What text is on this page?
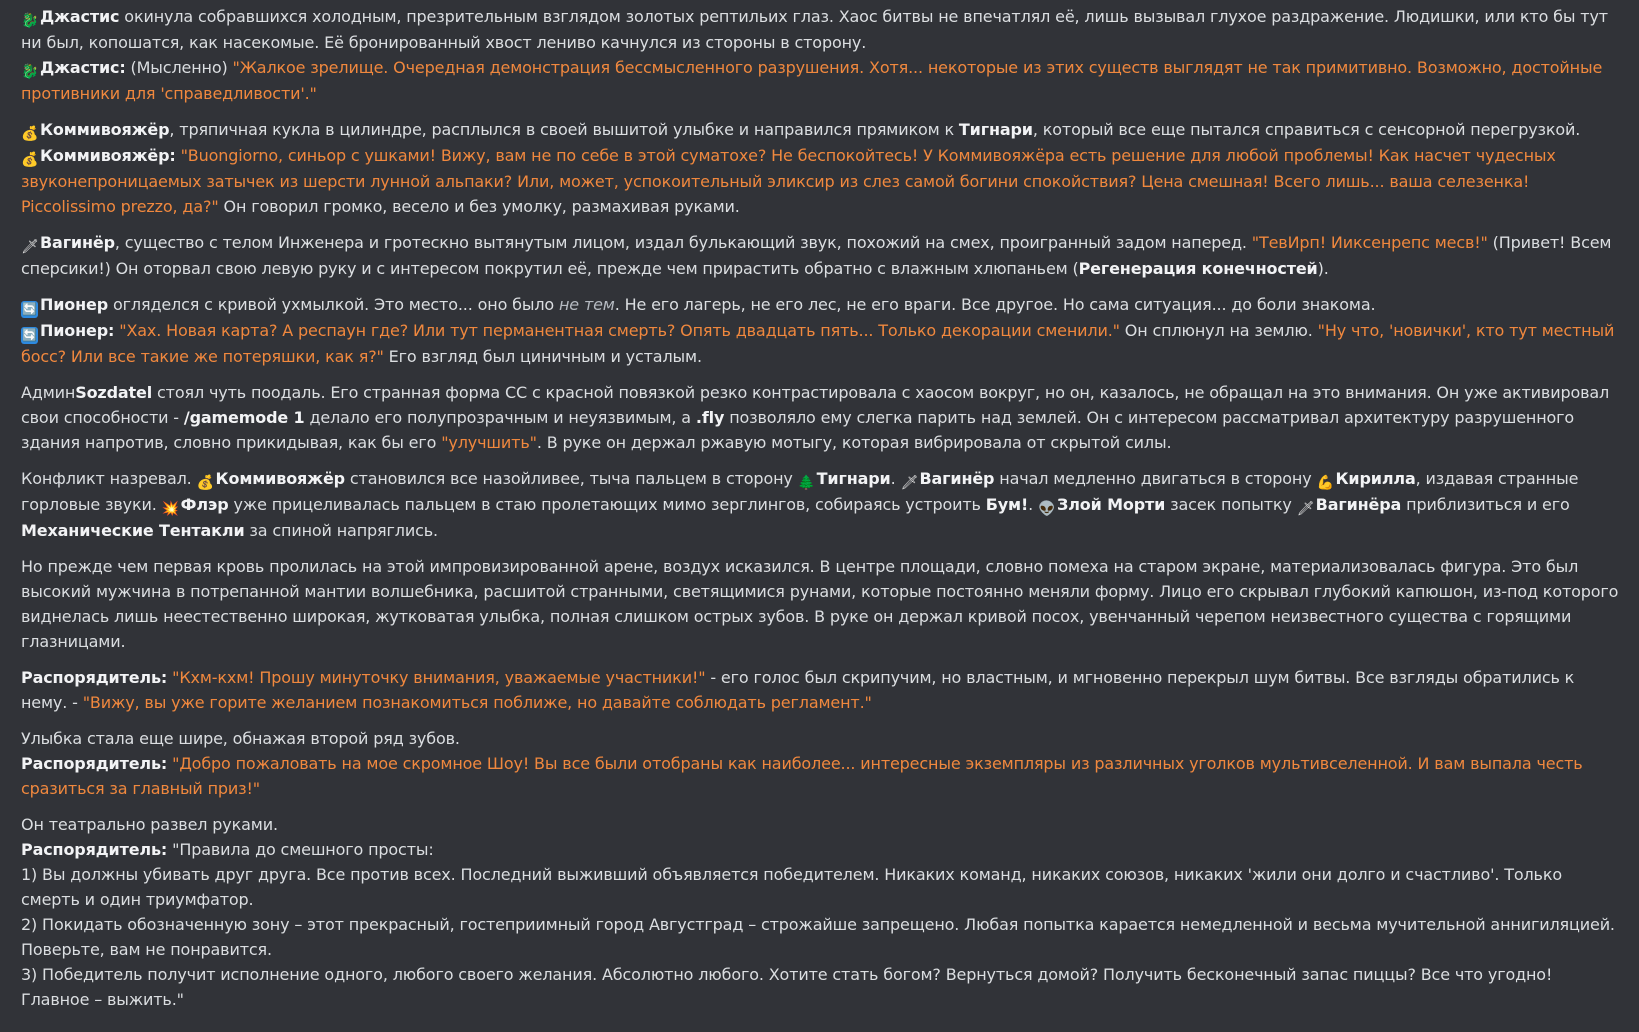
🐉 Джастис окинула собравшихся холодным, презрительным взглядом золотых рептильих глаз. Хаос битвы не впечатлял её, лишь вызывал глухое раздражение. Людишки, или кто бы тут ни был, копошатся, как насекомые. Её бронированный хвост лениво качнулся из стороны в сторону.
🐉 Джастис: (Мысленно) "Жалкое зрелище. Очередная демонстрация бессмысленного разрушения. Хотя... некоторые из этих существ выглядят не так примитивно. Возможно, достойные противники для 'справедливости'."
💰 Коммивояжёр, тряпичная кукла в цилиндре, расплылся в своей вышитой улыбке и направился прямиком к Тигнари, который все еще пытался справиться с сенсорной перегрузкой.
💰 Коммивояжёр: "Buongiorno, синьор с ушками! Вижу, вам не по себе в этой суматохе? Не беспокойтесь! У Коммивояжёра есть решение для любой проблемы! Как насчет чудесных звуконепроницаемых затычек из шерсти лунной альпаки? Или, может, успокоительный эликсир из слез самой богини спокойствия? Цена смешная! Всего лишь... ваша селезенка! Piccolissimo prezzo, да?" Он говорил громко, весело и без умолку, размахивая руками.
🗡Вагинёр, существо с телом Инженера и гротескно вытянутым лицом, издал булькающий звук, похожий на смех, проигранный задом наперед. "ТевИрп! Ииксенрепс месв!" (Привет! Всем сперсики!) Он оторвал свою левую руку и с интересом покрутил её, прежде чем прирастить обратно с влажным хлюпаньем (Регенерация конечностей).
🔄 Пионер огляделся с кривой ухмылкой. Это место... оно было не тем. Не его лагерь, не его лес, не его враги. Все другое. Но сама ситуация... до боли знакома.
🔄 Пионер: "Хах. Новая карта? А респаун где? Или тут перманентная смерть? Опять двадцать пять... Только декорации сменили." Он сплюнул на землю. "Ну что, 'новички', кто тут местный босс? Или все такие же потеряшки, как я?" Его взгляд был циничным и усталым.
АдминSozdatel стоял чуть поодаль. Его странная форма СС с красной повязкой резко контрастировала с хаосом вокруг, но он, казалось, не обращал на это внимания. Он уже активировал свои способности - /gamemode 1 делало его полупрозрачным и неуязвимым, а .fly позволяло ему слегка парить над землей. Он с интересом рассматривал архитектуру разрушенного здания напротив, словно прикидывая, как бы его "улучшить". В руке он держал ржавую мотыгу, которая вибрировала от скрытой силы.
Конфликт назревал. 💰 Коммивояжёр становился все назойливее, тыча пальцем в сторону 🌲 Тигнари. 🗡Вагинёр начал медленно двигаться в сторону 💪 Кирилла, издавая странные горловые звуки. 💥 Флэр уже прицеливалась пальцем в стаю пролетающих мимо зерглингов, собираясь устроить Бум!. 👽 Злой Морти засек попытку 🗡Вагинёра приблизиться и его Механические Тентакли за спиной напряглись.
Но прежде чем первая кровь пролилась на этой импровизированной арене, воздух исказился. В центре площади, словно помеха на старом экране, материализовалась фигура. Это был высокий мужчина в потрепанной мантии волшебника, расшитой странными, светящимися рунами, которые постоянно меняли форму. Лицо его скрывал глубокий капюшон, из-под которого виднелась лишь неестественно широкая, жутковатая улыбка, полная слишком острых зубов. В руке он держал кривой посох, увенчанный черепом неизвестного существа с горящими глазницами.
Распорядитель: "Кхм-кхм! Прошу минуточку внимания, уважаемые участники!" - его голос был скрипучим, но властным, и мгновенно перекрыл шум битвы. Все взгляды обратились к нему. - "Вижу, вы уже горите желанием познакомиться поближе, но давайте соблюдать регламент."
Улыбка стала еще шире, обнажая второй ряд зубов.
Распорядитель: "Добро пожаловать на мое скромное Шоу! Вы все были отобраны как наиболее... интересные экземпляры из различных уголков мультивселенной. И вам выпала честь сразиться за главный приз!"
Он театрально развел руками.
Распорядитель: "Правила до смешного просты:
1) Вы должны убивать друг друга. Все против всех. Последний выживший объявляется победителем. Никаких команд, никаких союзов, никаких 'жили они долго и счастливо'. Только смерть и один триумфатор.
2) Покидать обозначенную зону – этот прекрасный, гостеприимный город Августград – строжайше запрещено. Любая попытка карается немедленной и весьма мучительной аннигиляцией. Поверьте, вам не понравится.
3) Победитель получит исполнение одного, любого своего желания. Абсолютно любого. Хотите стать богом? Вернуться домой? Получить бесконечный запас пиццы? Все что угодно! Главное – выжить."
